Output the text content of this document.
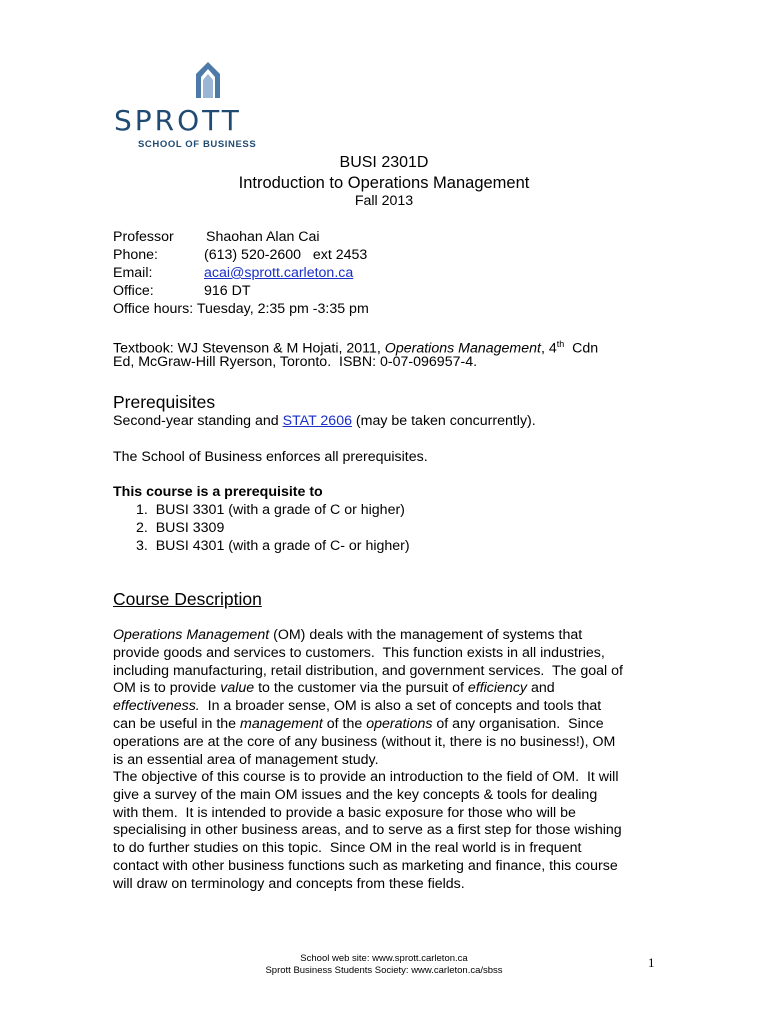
SPROTT
SCHOOL OF BUSINESS
BUSI 2301D
Introduction to Operations Management
Fall 2013
Professor Shaohan Alan Cai
Phone:	(613) 520-2600   ext 2453
Email:	acai@sprott.carleton.ca
Office:	916 DT
Office hours: Tuesday, 2:35 pm -3:35 pm
Textbook: WJ Stevenson & M Hojati, 2011, Operations Management, 4th  Cdn
Ed, McGraw-Hill Ryerson, Toronto.  ISBN: 0-07-096957-4.
Prerequisites
Second-year standing and STAT 2606 (may be taken concurrently).
The School of Business enforces all prerequisites.
This course is a prerequisite to
1.  BUSI 3301 (with a grade of C or higher)
2.  BUSI 3309
3.  BUSI 4301 (with a grade of C- or higher)
Course Description
Operations Management (OM) deals with the management of systems that
provide goods and services to customers.  This function exists in all industries,
including manufacturing, retail distribution, and government services.  The goal of
OM is to provide value to the customer via the pursuit of efficiency and
effectiveness.  In a broader sense, OM is also a set of concepts and tools that
can be useful in the management of the operations of any organisation.  Since
operations are at the core of any business (without it, there is no business!), OM
is an essential area of management study.
The objective of this course is to provide an introduction to the field of OM.  It will
give a survey of the main OM issues and the key concepts & tools for dealing
with them.  It is intended to provide a basic exposure for those who will be
specialising in other business areas, and to serve as a first step for those wishing
to do further studies on this topic.  Since OM in the real world is in frequent
contact with other business functions such as marketing and finance, this course
will draw on terminology and concepts from these fields.
School web site: www.sprott.carleton.ca
Sprott Business Students Society: www.carleton.ca/sbss
1
